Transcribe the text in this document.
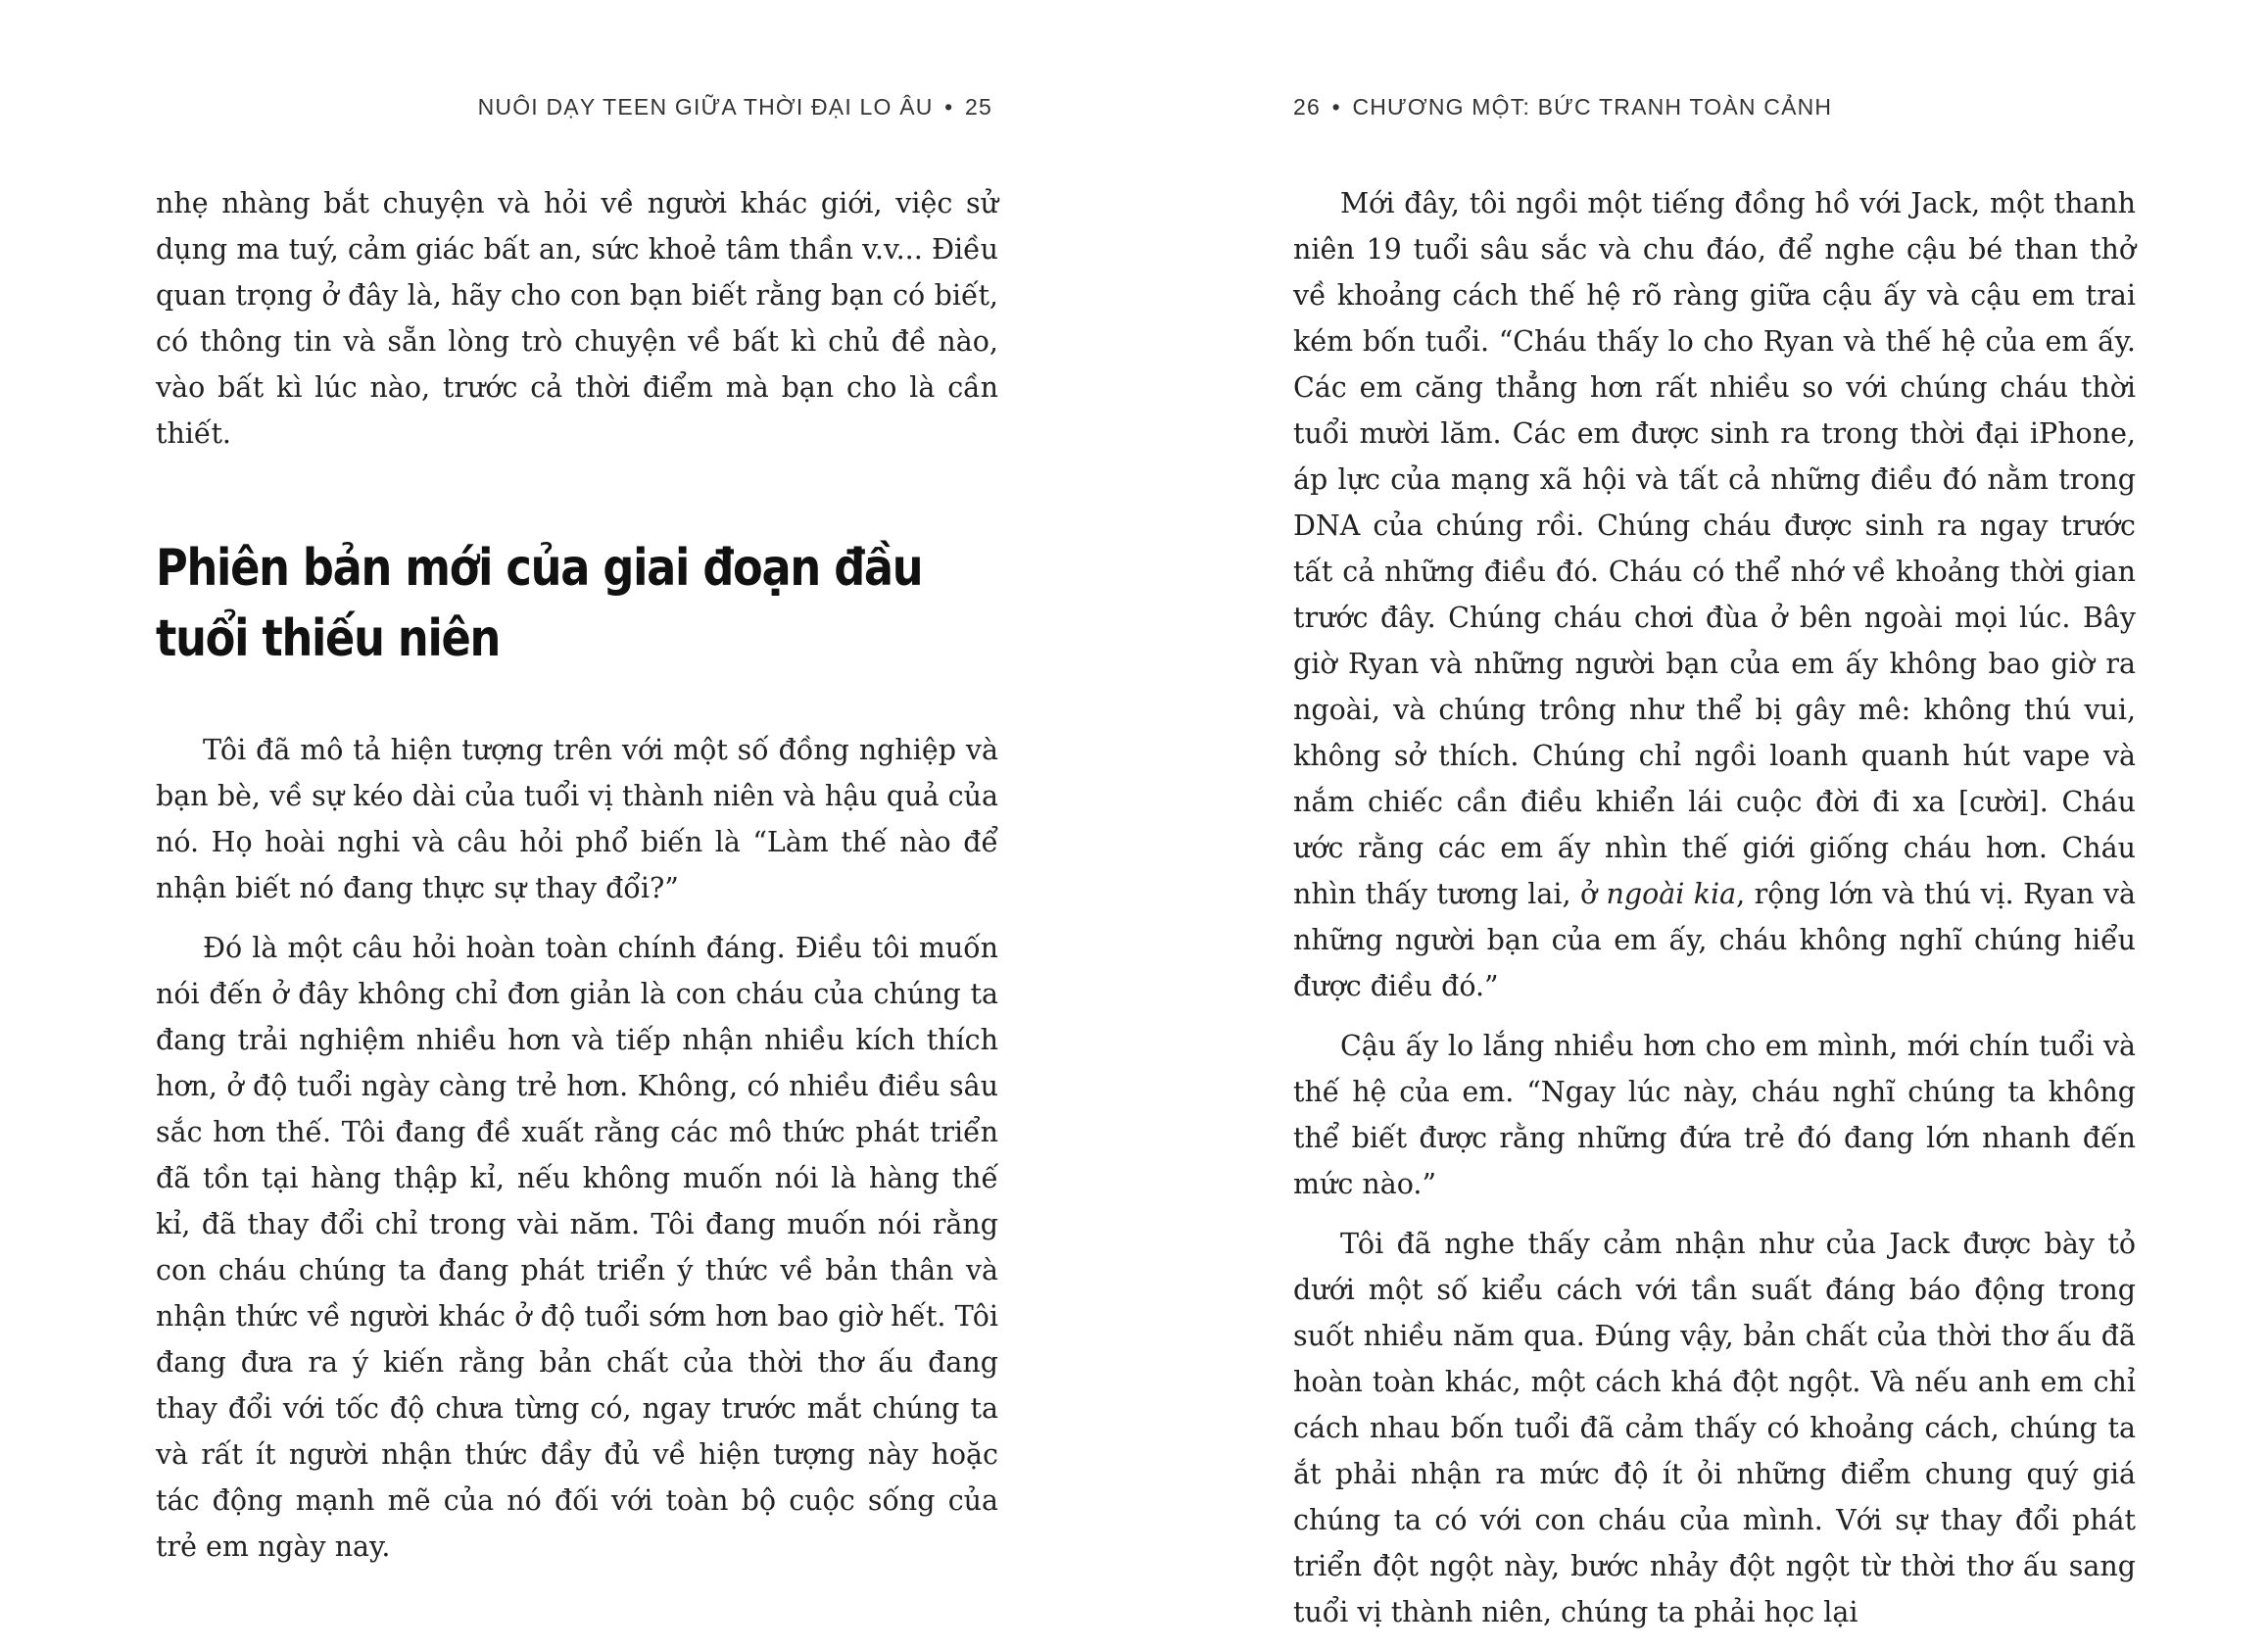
NUÔI DẠY TEEN GIỮA THỜI ĐẠI LO ÂU • 25

nhẹ nhàng bắt chuyện và hỏi về người khác giới, việc sử dụng ma tuý, cảm giác bất an, sức khoẻ tâm thần v.v... Điều quan trọng ở đây là, hãy cho con bạn biết rằng bạn có biết, có thông tin và sẵn lòng trò chuyện về bất kì chủ đề nào, vào bất kì lúc nào, trước cả thời điểm mà bạn cho là cần thiết.

Phiên bản mới của giai đoạn đầu
tuổi thiếu niên

Tôi đã mô tả hiện tượng trên với một số đồng nghiệp và bạn bè, về sự kéo dài của tuổi vị thành niên và hậu quả của nó. Họ hoài nghi và câu hỏi phổ biến là “Làm thế nào để nhận biết nó đang thực sự thay đổi?”

Đó là một câu hỏi hoàn toàn chính đáng. Điều tôi muốn nói đến ở đây không chỉ đơn giản là con cháu của chúng ta đang trải nghiệm nhiều hơn và tiếp nhận nhiều kích thích hơn, ở độ tuổi ngày càng trẻ hơn. Không, có nhiều điều sâu sắc hơn thế. Tôi đang đề xuất rằng các mô thức phát triển đã tồn tại hàng thập kỉ, nếu không muốn nói là hàng thế kỉ, đã thay đổi chỉ trong vài năm. Tôi đang muốn nói rằng con cháu chúng ta đang phát triển ý thức về bản thân và nhận thức về người khác ở độ tuổi sớm hơn bao giờ hết. Tôi đang đưa ra ý kiến rằng bản chất của thời thơ ấu đang thay đổi với tốc độ chưa từng có, ngay trước mắt chúng ta và rất ít người nhận thức đầy đủ về hiện tượng này hoặc tác động mạnh mẽ của nó đối với toàn bộ cuộc sống của trẻ em ngày nay.

26 • CHƯƠNG MỘT: BỨC TRANH TOÀN CẢNH

Mới đây, tôi ngồi một tiếng đồng hồ với Jack, một thanh niên 19 tuổi sâu sắc và chu đáo, để nghe cậu bé than thở về khoảng cách thế hệ rõ ràng giữa cậu ấy và cậu em trai kém bốn tuổi. “Cháu thấy lo cho Ryan và thế hệ của em ấy. Các em căng thẳng hơn rất nhiều so với chúng cháu thời tuổi mười lăm. Các em được sinh ra trong thời đại iPhone, áp lực của mạng xã hội và tất cả những điều đó nằm trong DNA của chúng rồi. Chúng cháu được sinh ra ngay trước tất cả những điều đó. Cháu có thể nhớ về khoảng thời gian trước đây. Chúng cháu chơi đùa ở bên ngoài mọi lúc. Bây giờ Ryan và những người bạn của em ấy không bao giờ ra ngoài, và chúng trông như thể bị gây mê: không thú vui, không sở thích. Chúng chỉ ngồi loanh quanh hút vape và nắm chiếc cần điều khiển lái cuộc đời đi xa [cười]. Cháu ước rằng các em ấy nhìn thế giới giống cháu hơn. Cháu nhìn thấy tương lai, ở ngoài kia, rộng lớn và thú vị. Ryan và những người bạn của em ấy, cháu không nghĩ chúng hiểu được điều đó.”

Cậu ấy lo lắng nhiều hơn cho em mình, mới chín tuổi và thế hệ của em. “Ngay lúc này, cháu nghĩ chúng ta không thể biết được rằng những đứa trẻ đó đang lớn nhanh đến mức nào.”

Tôi đã nghe thấy cảm nhận như của Jack được bày tỏ dưới một số kiểu cách với tần suất đáng báo động trong suốt nhiều năm qua. Đúng vậy, bản chất của thời thơ ấu đã hoàn toàn khác, một cách khá đột ngột. Và nếu anh em chỉ cách nhau bốn tuổi đã cảm thấy có khoảng cách, chúng ta ắt phải nhận ra mức độ ít ỏi những điểm chung quý giá chúng ta có với con cháu của mình. Với sự thay đổi phát triển đột ngột này, bước nhảy đột ngột từ thời thơ ấu sang tuổi vị thành niên, chúng ta phải học lại
